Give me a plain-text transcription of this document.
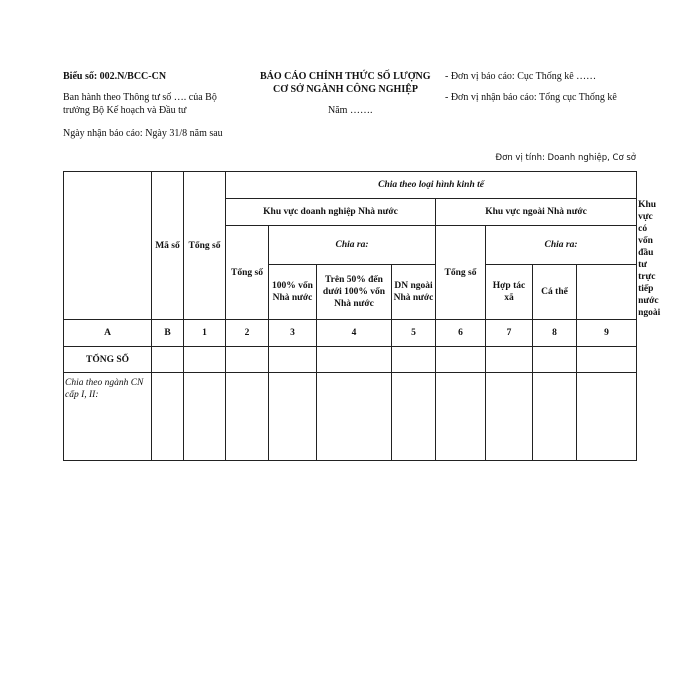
Biểu số: 002.N/BCC-CN
Ban hành theo Thông tư số …. của Bộ
trưởng Bộ Kế hoạch và Đầu tư
Ngày nhận báo cáo: Ngày 31/8 năm sau
BÁO CÁO CHÍNH THỨC SỐ LƯỢNG
CƠ SỞ NGÀNH CÔNG NGHIỆP
Năm …….
- Đơn vị báo cáo: Cục Thống kê ……
- Đơn vị nhận báo cáo: Tổng cục Thống kê
Đơn vị tính: Doanh nghiệp, Cơ sở
	Mã số	Tổng số	Chia theo loại hình kinh tế								
			Khu vực doanh nghiệp Nhà nước				Khu vực ngoài Nhà nước				Khu vực có vốn đầu tư trực tiếp nước ngoài
			Tổng số	Chia ra:			Tổng số	Chia ra:			
				100% vốn Nhà nước	Trên 50% đến dưới 100% vốn Nhà nước	DN ngoài Nhà nước		Hợp tác xã	Cá thể		
A	B	1	2	3	4	5	6	7	8	9	
TỔNG SỐ											
Chia theo ngành CN cấp I, II:											
